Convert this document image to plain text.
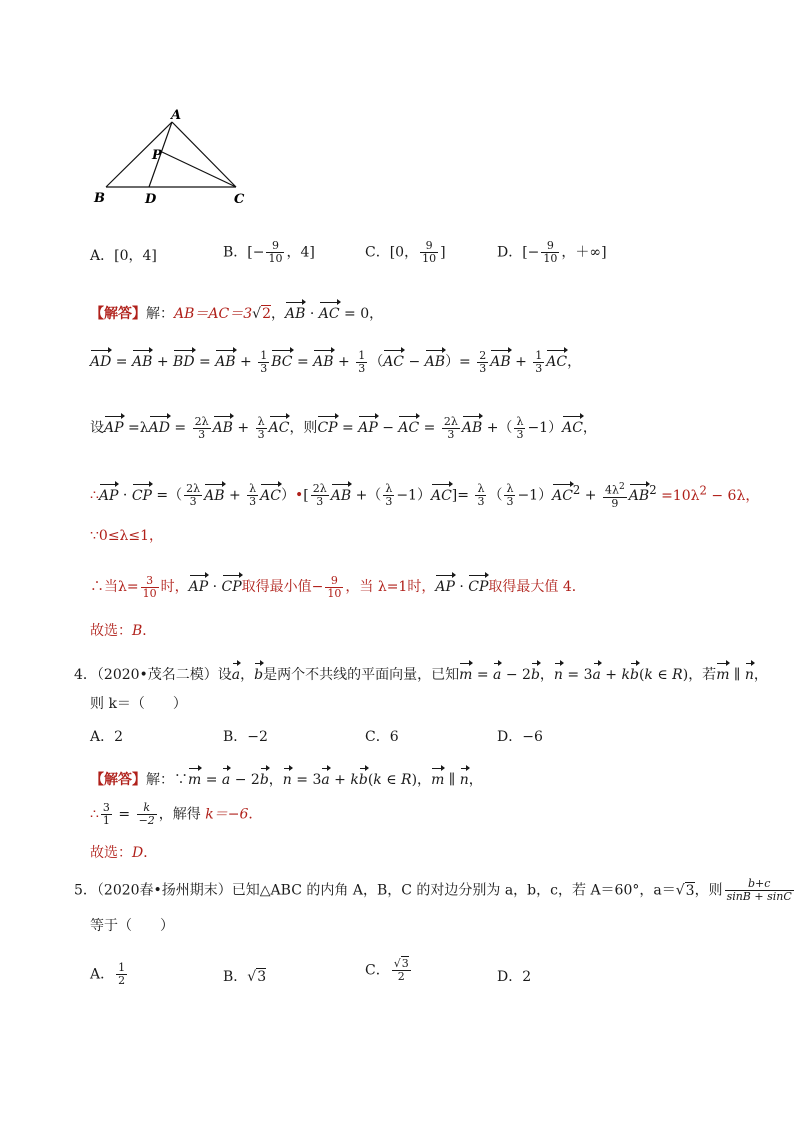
A
P
B	D	C
A．[0，4]	B．[− $\frac{9}{10}$ ，4]	C．[0， $\frac{9}{10}$ ]	D．[− $\frac{9}{10}$ ，＋∞]
【解答】解：AB＝AC＝3√2，AB · AC = 0，
AD = AB + BD = AB + $\frac{1}{3}$ BC = AB + $\frac{1}{3} (AC - AB)= \frac{2}{3}$ AB + $\frac{1}{3}$ AC，
设AP $=\lambda AD = \frac{2\lambda}{3}$ AB + $\frac{\lambda}{3}$ AC，则CP = AP − AC = $\frac{2\lambda}{3}$ AB +（ $\frac{\lambda}{3} -1)AC$，
∴AP · CP =（ $\frac{2\lambda}{3}$ AB + $\frac{\lambda}{3}$ AC）•[ $\frac{2\lambda}{3}$ AB +（ $\frac{\lambda}{3} -1)AC]= \frac{\lambda}{3}$ （ $\frac{\lambda}{3} -1)AC^2 + \frac{4\lambda^2}{9} AB^2 =10\lambda^2 - 6\lambda$，
∵0≤λ≤1，
∴当$\lambda= \frac{3}{10}$ 时，AP · CP取得最小值− $\frac{9}{10}$ ，当 λ=1时，AP · CP取得最大值 4．
故选：B．
4．（2020•茂名二模）设a，b是两个不共线的平面向量，已知m = a − 2b，n = 3a + kb(k ∈ R)，若m ∥ n，
则 k＝（　　）
A．2	B．−2	C．6	D．−6
【解答】解：∵m = a − 2b，n = 3a + kb(k ∈ R)，m ∥ n，
∴ $\frac{3}{1} = \frac{k}{-2}$ ，解得 k＝−6．
故选：D．
5．（2020春•扬州期末）已知△ABC 的内角 A，B，C 的对边分别为 a，b，c，若 A＝60°，a＝√3，则 $\frac{b+c}{\sin B + \sin C}$
等于（　　）
A． $\frac{1}{2}$	B．√3	C． $\frac{√3}{2}$	D．2
